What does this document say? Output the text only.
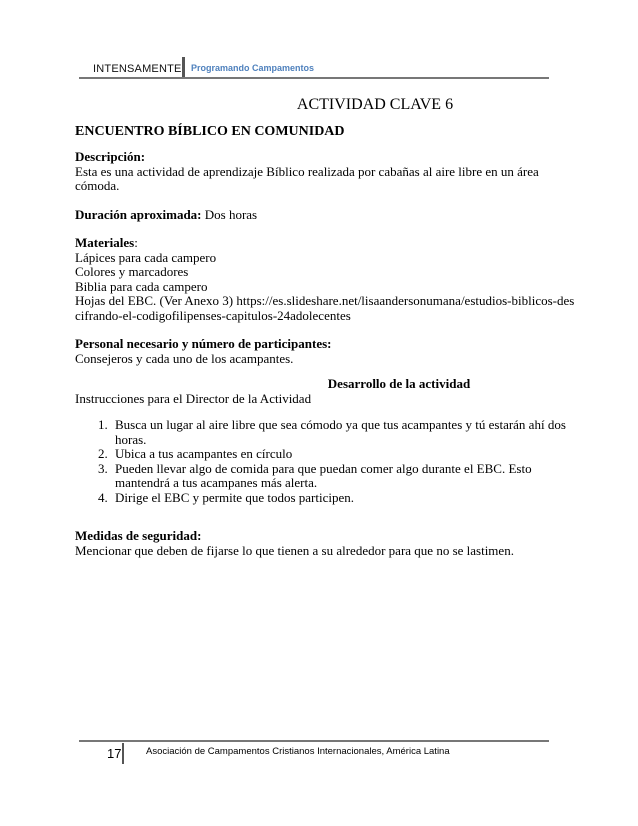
INTENSAMENTE Programando Campamentos
ACTIVIDAD CLAVE 6
ENCUENTRO BÍBLICO EN COMUNIDAD
Descripción:
Esta es una actividad de aprendizaje Bíblico realizada por cabañas al aire libre en un área cómoda.
Duración aproximada: Dos horas
Materiales:
Lápices para cada campero
Colores y marcadores
Biblia para cada campero
Hojas del EBC. (Ver Anexo 3) https://es.slideshare.net/lisaandersonumana/estudios-biblicos-descifrando-el-codigofilipenses-capitulos-24adolecentes
Personal necesario y número de participantes:
Consejeros y cada uno de los acampantes.
Desarrollo de la actividad
Instrucciones para el Director de la Actividad
1. Busca un lugar al aire libre que sea cómodo ya que tus acampantes y tú estarán ahí dos horas.
2. Ubica a tus acampantes en círculo
3. Pueden llevar algo de comida para que puedan comer algo durante el EBC. Esto mantendrá a tus acampanes más alerta.
4. Dirige el EBC y permite que todos participen.
Medidas de seguridad:
Mencionar que deben de fijarse lo que tienen a su alrededor para que no se lastimen.
17	Asociación de Campamentos Cristianos Internacionales, América Latina
